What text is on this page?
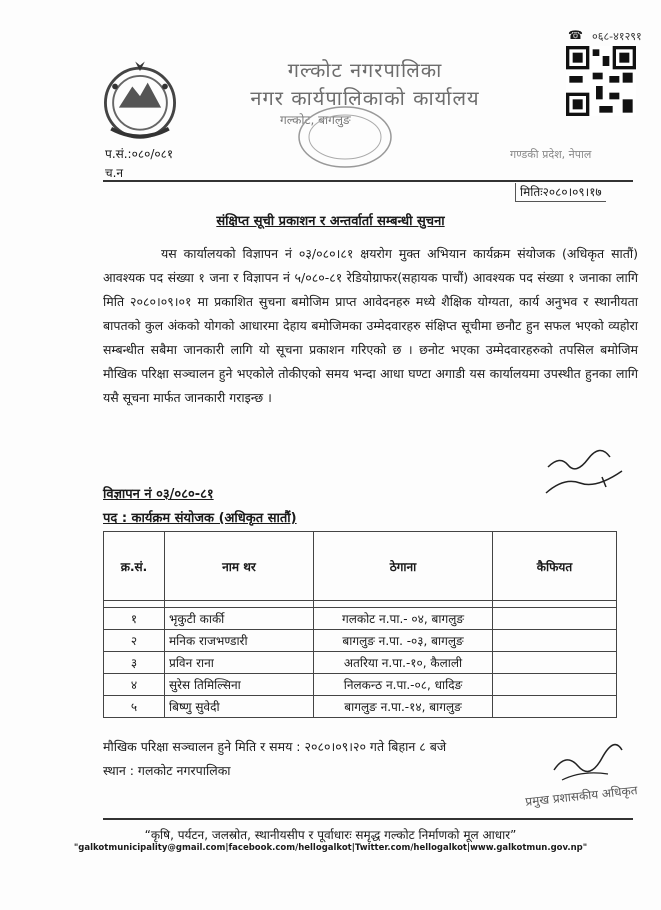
गल्कोट नगरपालिका
नगर कार्यपालिकाको कार्यालय
गल्कोट, बागलुङ
☎ ०६८-४१२९१
गण्डकी प्रदेश, नेपाल
प.सं.:०८०/०८१
च.न
मितिः२०८०।०९।१७
संक्षिप्त सूची प्रकाशन र अन्तर्वार्ता सम्बन्धी सुचना
यस कार्यालयको विज्ञापन नं ०३/०८०।८१ क्षयरोग मुक्त अभियान कार्यक्रम संयोजक (अधिकृत सातौं) आवश्यक पद संख्या १ जना र विज्ञापन नं ५/०८०-८१ रेडियोग्राफर(सहायक पाचौं) आवश्यक पद संख्या १ जनाका लागि मिति २०८०।०९।०१ मा प्रकाशित सुचना बमोजिम प्राप्त आवेदनहरु मध्ये शैक्षिक योग्यता, कार्य अनुभव र स्थानीयता बापतको कुल अंकको योगको आधारमा देहाय बमोजिमका उम्मेदवारहरु संक्षिप्त सूचीमा छनौट हुन सफल भएको व्यहोरा सम्बन्धीत सबैमा जानकारी लागि यो सूचना प्रकाशन गरिएको छ । छनोट भएका उम्मेदवारहरुको तपसिल बमोजिम मौखिक परिक्षा सञ्चालन हुने भएकोले तोकीएको समय भन्दा आधा घण्टा अगाडी यस कार्यालयमा उपस्थीत हुनका लागि यसै सूचना मार्फत जानकारी गराइन्छ ।
विज्ञापन नं ०३/०८०-८१
पद : कार्यक्रम संयोजक (अधिकृत सातौं)
क्र.सं.	नाम थर	ठेगाना	कैफियत

१	भृकुटी कार्की	गलकोट न.पा.- ०४, बागलुङ	
२	मनिक राजभण्डारी	बागलुङ न.पा. -०३, बागलुङ	
३	प्रविन राना	अतरिया न.पा.-१०, कैलाली	
४	सुरेस तिमिल्सिना	निलकन्ठ न.पा.-०८, धादिङ	
५	बिष्णु सुवेदी	बागलुङ न.पा.-१४, बागलुङ	
मौखिक परिक्षा सञ्चालन हुने मिति र समय : २०८०।०९।२० गते बिहान ८ बजे
स्थान : गलकोट नगरपालिका
प्रमुख प्रशासकीय अधिकृत
“कृषि, पर्यटन, जलस्रोत, स्थानीयसीप र पूर्वाधारः समृद्ध गल्कोट निर्माणको मूल आधार”
"galkotmunicipality@gmail.com|facebook.com/hellogalkot|Twitter.com/hellogalkot|www.galkotmun.gov.np"
